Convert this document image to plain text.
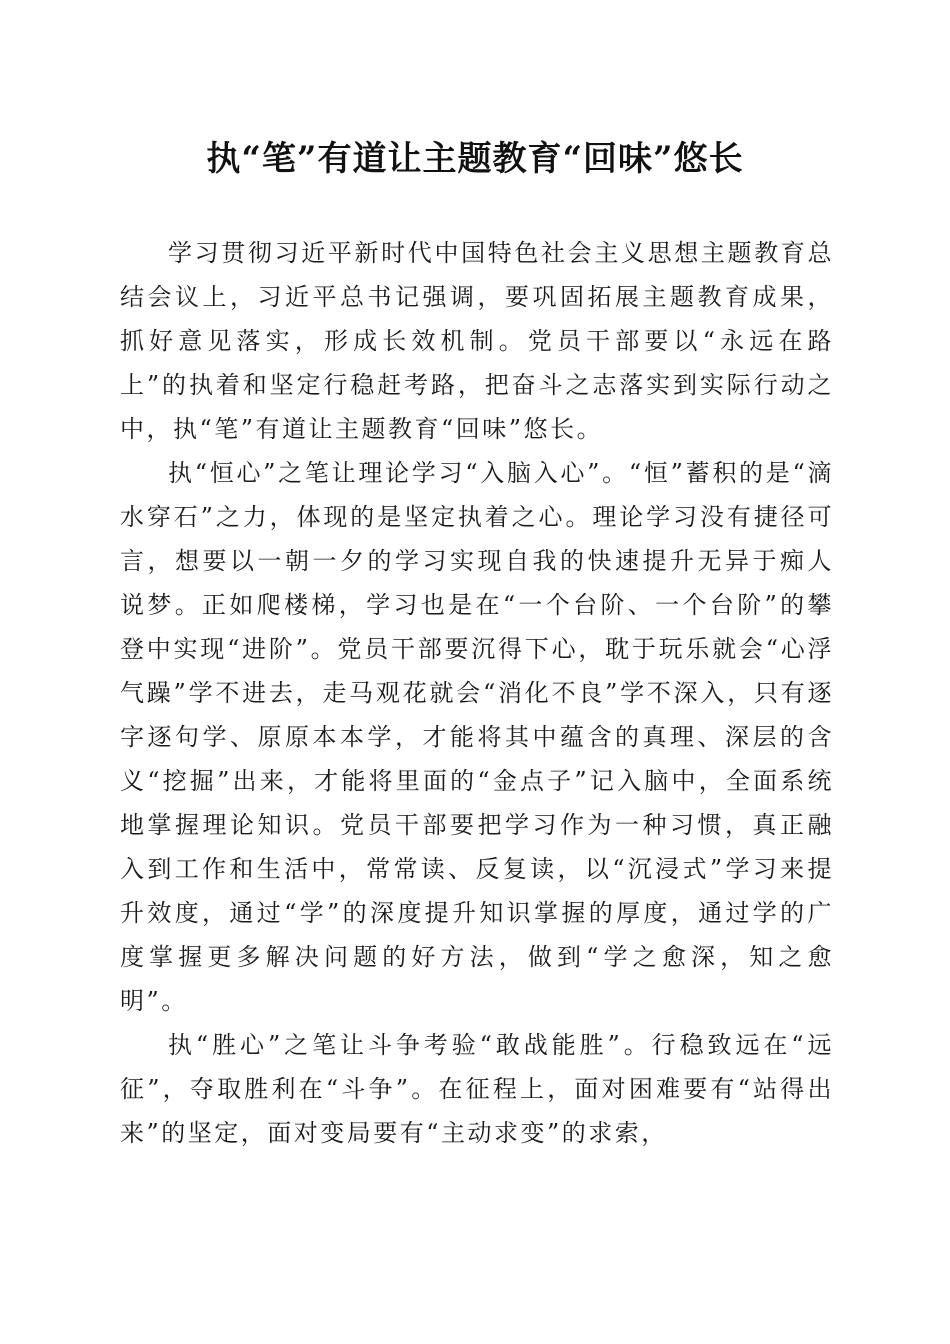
执“笔”有道让主题教育“回味”悠长

学习贯彻习近平新时代中国特色社会主义思想主题教育总结会议上，习近平总书记强调，要巩固拓展主题教育成果，抓好意见落实，形成长效机制。党员干部要以“永远在路上”的执着和坚定行稳赶考路，把奋斗之志落实到实际行动之中，执“笔”有道让主题教育“回味”悠长。

执“恒心”之笔让理论学习“入脑入心”。“恒”蓄积的是“滴水穿石”之力，体现的是坚定执着之心。理论学习没有捷径可言，想要以一朝一夕的学习实现自我的快速提升无异于痴人说梦。正如爬楼梯，学习也是在“一个台阶、一个台阶”的攀登中实现“进阶”。党员干部要沉得下心，耽于玩乐就会“心浮气躁”学不进去，走马观花就会“消化不良”学不深入，只有逐字逐句学、原原本本学，才能将其中蕴含的真理、深层的含义“挖掘”出来，才能将里面的“金点子”记入脑中，全面系统地掌握理论知识。党员干部要把学习作为一种习惯，真正融入到工作和生活中，常常读、反复读，以“沉浸式”学习来提升效度，通过“学”的深度提升知识掌握的厚度，通过学的广度掌握更多解决问题的好方法，做到“学之愈深，知之愈明”。

执“胜心”之笔让斗争考验“敢战能胜”。行稳致远在“远征”，夺取胜利在“斗争”。在征程上，面对困难要有“站得出来”的坚定，面对变局要有“主动求变”的求索，
